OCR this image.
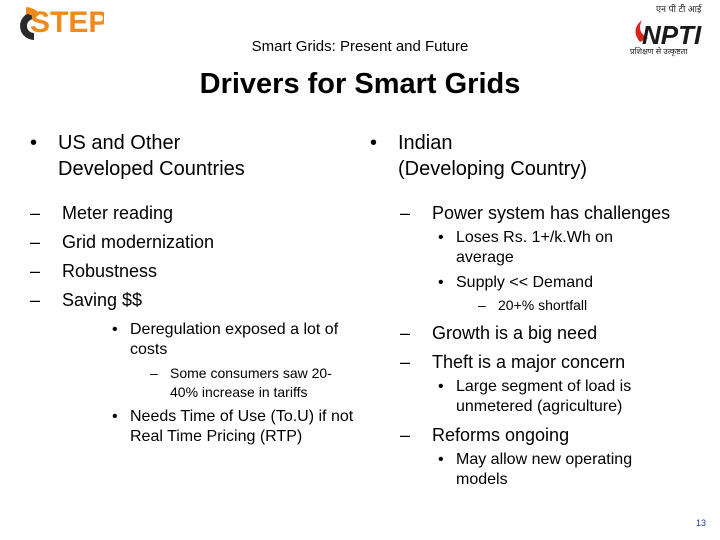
STEP
Smart Grids: Present and Future
एन पी टी आई
NPTI
प्रशिक्षण से उत्कृष्टता
Drivers for Smart Grids
•	US and Other
Developed Countries
–	Meter reading
–	Grid modernization
–	Robustness
–	Saving $$
• Deregulation exposed a lot of costs
– Some consumers saw 20-40% increase in tariffs
• Needs Time of Use (To.U) if not Real Time Pricing (RTP)
•	Indian
(Developing Country)
–	Power system has challenges
• Loses Rs. 1+/k.Wh on average
• Supply << Demand
– 20+% shortfall
–	Growth is a big need
–	Theft is a major concern
• Large segment of load is unmetered (agriculture)
–	Reforms ongoing
• May allow new operating models
13
